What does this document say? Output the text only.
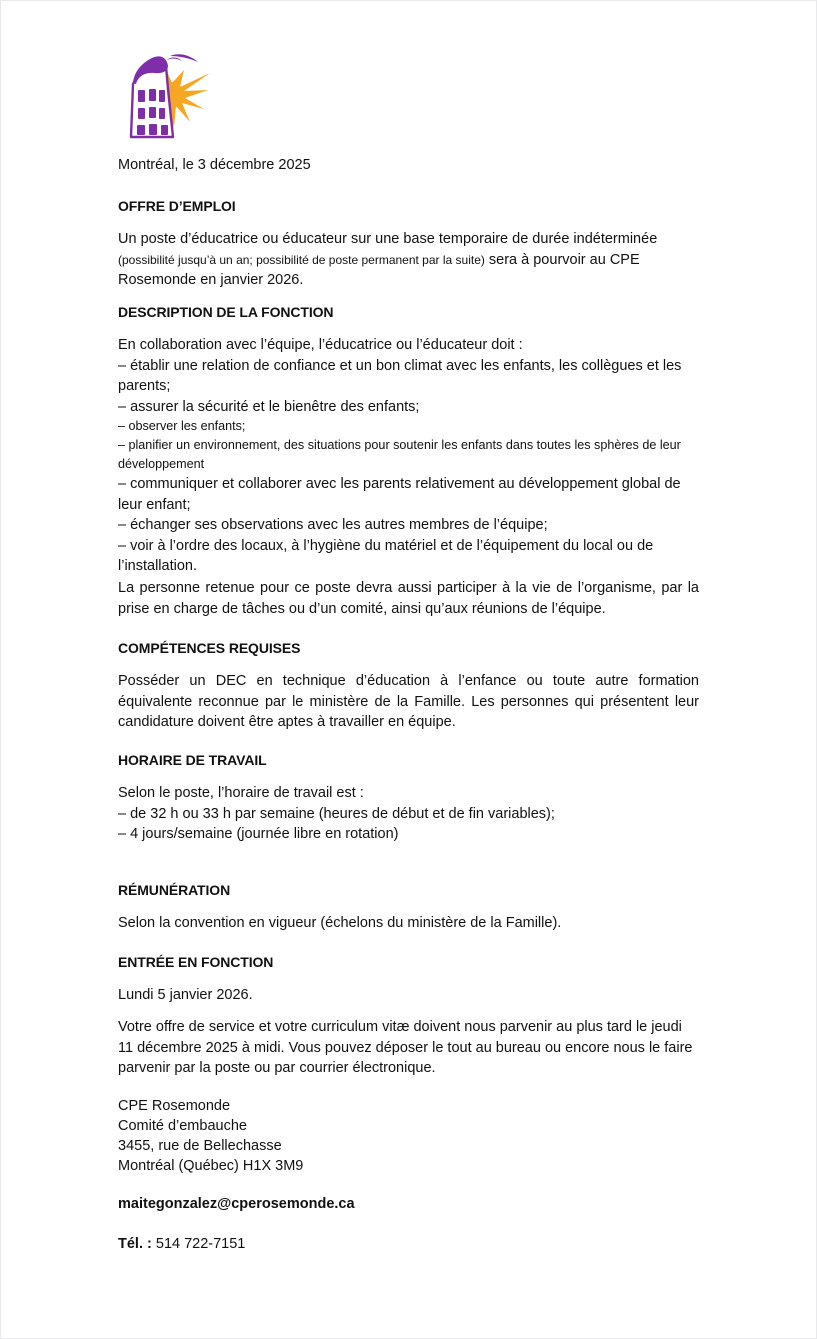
Montréal, le 3 décembre 2025
OFFRE D’EMPLOI

Un poste d’éducatrice ou éducateur sur une base temporaire de durée indéterminée (possibilité jusqu’à un an; possibilité de poste permanent par la suite) sera à pourvoir au CPE Rosemonde en janvier 2026.

DESCRIPTION DE LA FONCTION
En collaboration avec l’équipe, l’éducatrice ou l’éducateur doit :
– établir une relation de confiance et un bon climat avec les enfants, les collègues et les parents;
– assurer la sécurité et le bienêtre des enfants;
– observer les enfants;
– planifier un environnement, des situations pour soutenir les enfants dans toutes les sphères de leur développement
– communiquer et collaborer avec les parents relativement au développement global de leur enfant;
– échanger ses observations avec les autres membres de l’équipe;
– voir à l’ordre des locaux, à l’hygiène du matériel et de l’équipement du local ou de l’installation.

La personne retenue pour ce poste devra aussi participer à la vie de l’organisme, par la prise en charge de tâches ou d’un comité, ainsi qu’aux réunions de l’équipe.

COMPÉTENCES REQUISES

Posséder un DEC en technique d’éducation à l’enfance ou toute autre formation équivalente reconnue par le ministère de la Famille. Les personnes qui présentent leur candidature doivent être aptes à travailler en équipe.

HORAIRE DE TRAVAIL
Selon le poste, l’horaire de travail est :
– de 32 h ou 33 h par semaine (heures de début et de fin variables);
– 4 jours/semaine (journée libre en rotation)
RÉMUNÉRATION

Selon la convention en vigueur (échelons du ministère de la Famille).

ENTRÉE EN FONCTION

Lundi 5 janvier 2026.

Votre offre de service et votre curriculum vitæ doivent nous parvenir au plus tard le jeudi 11 décembre 2025 à midi. Vous pouvez déposer le tout au bureau ou encore nous le faire parvenir par la poste ou par courrier électronique.

CPE Rosemonde
Comité d’embauche
3455, rue de Bellechasse
Montréal (Québec) H1X 3M9
maitegonzalez@cperosemonde.ca
Tél. : 514 722-7151
